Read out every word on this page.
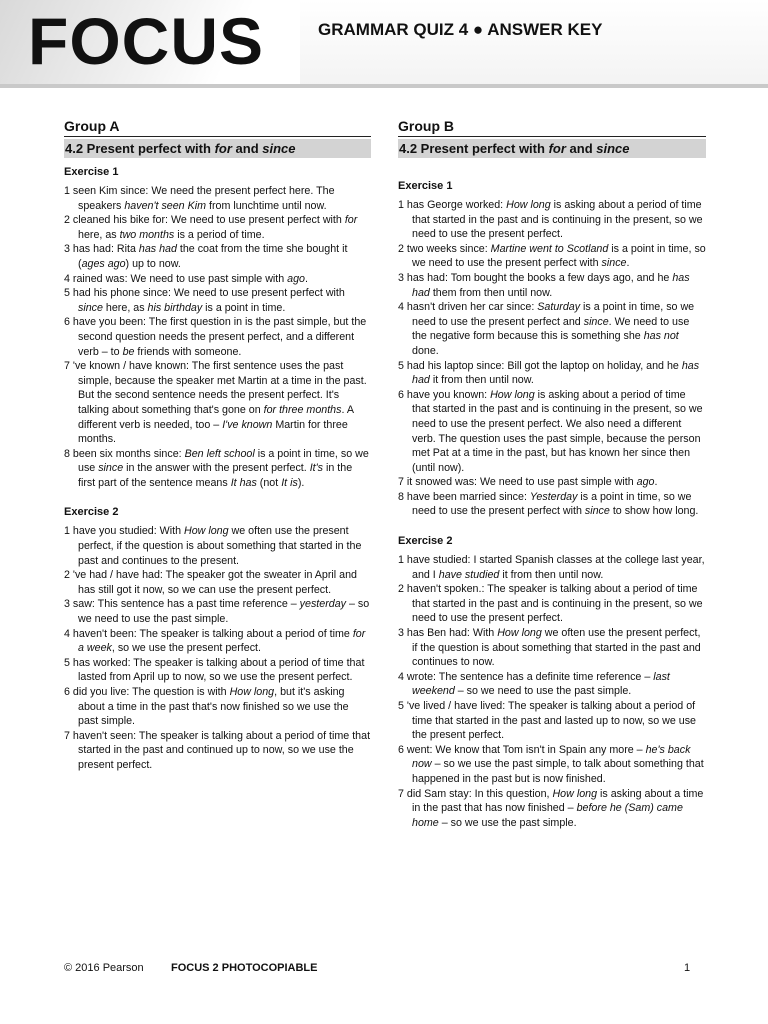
FOCUS	GRAMMAR QUIZ 4 ● ANSWER KEY
Group A
4.2 Present perfect with for and since
Exercise 1

1 seen Kim since: We need the present perfect here. The speakers haven't seen Kim from lunchtime until now.

2 cleaned his bike for: We need to use present perfect with for here, as two months is a period of time.

3 has had: Rita has had the coat from the time she bought it (ages ago) up to now.

4 rained was: We need to use past simple with ago.

5 had his phone since: We need to use present perfect with since here, as his birthday is a point in time.

6 have you been: The first question in is the past simple, but the second question needs the present perfect, and a different verb – to be friends with someone.

7 've known / have known: The first sentence uses the past simple, because the speaker met Martin at a time in the past. But the second sentence needs the present perfect. It's talking about something that's gone on for three months. A different verb is needed, too – I've known Martin for three months.

8 been six months since: Ben left school is a point in time, so we use since in the answer with the present perfect. It's in the first part of the sentence means It has (not It is).

Exercise 2

1 have you studied: With How long we often use the present perfect, if the question is about something that started in the past and continues to the present.

2 've had / have had: The speaker got the sweater in April and has still got it now, so we can use the present perfect.

3 saw: This sentence has a past time reference – yesterday – so we need to use the past simple.

4 haven't been: The speaker is talking about a period of time for a week, so we use the present perfect.

5 has worked: The speaker is talking about a period of time that lasted from April up to now, so we use the present perfect.

6 did you live: The question is with How long, but it's asking about a time in the past that's now finished so we use the past simple.

7 haven't seen: The speaker is talking about a period of time that started in the past and continued up to now, so we use the present perfect.

Group B
4.2 Present perfect with for and since
Exercise 1

1 has George worked: How long is asking about a period of time that started in the past and is continuing in the present, so we need to use the present perfect.

2 two weeks since: Martine went to Scotland is a point in time, so we need to use the present perfect with since.

3 has had: Tom bought the books a few days ago, and he has had them from then until now.

4 hasn't driven her car since: Saturday is a point in time, so we need to use the present perfect and since. We need to use the negative form because this is something she has not done.

5 had his laptop since: Bill got the laptop on holiday, and he has had it from then until now.

6 have you known: How long is asking about a period of time that started in the past and is continuing in the present, so we need to use the present perfect. We also need a different verb. The question uses the past simple, because the person met Pat at a time in the past, but has known her since then (until now).

7 it snowed was: We need to use past simple with ago.

8 have been married since: Yesterday is a point in time, so we need to use the present perfect with since to show how long.

Exercise 2

1 have studied: I started Spanish classes at the college last year, and I have studied it from then until now.

2 haven't spoken.: The speaker is talking about a period of time that started in the past and is continuing in the present, so we need to use the present perfect.

3 has Ben had: With How long we often use the present perfect, if the question is about something that started in the past and continues to now.

4 wrote: The sentence has a definite time reference – last weekend – so we need to use the past simple.

5 've lived / have lived: The speaker is talking about a period of time that started in the past and lasted up to now, so we use the present perfect.

6 went: We know that Tom isn't in Spain any more – he's back now – so we use the past simple, to talk about something that happened in the past but is now finished.

7 did Sam stay: In this question, How long is asking about a time in the past that has now finished – before he (Sam) came home – so we use the past simple.

© 2016 Pearson FOCUS 2 PHOTOCOPIABLE	1
